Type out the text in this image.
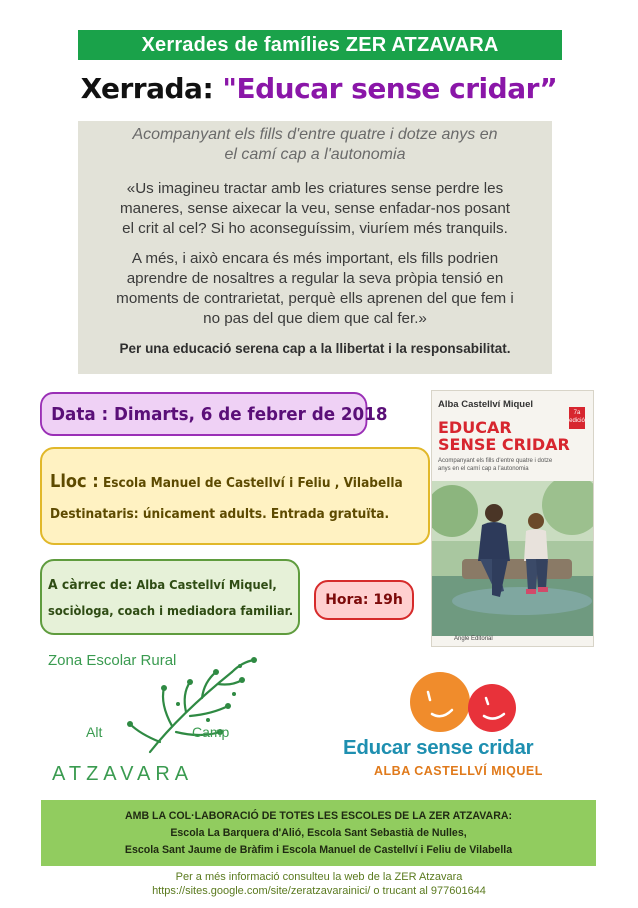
Xerrades de famílies ZER ATZAVARA
Xerrada: "Educar sense cridar”
Acompanyant els fills d'entre quatre i dotze anys en
el camí cap a l'autonomia
«Us imagineu tractar amb les criatures sense perdre les
maneres, sense aixecar la veu, sense enfadar-nos posant
el crit al cel? Si ho aconseguíssim, viuríem més tranquils.
A més, i això encara és més important, els fills podrien
aprendre de nosaltres a regular la seva pròpia tensió en
moments de contrarietat, perquè ells aprenen del que fem i
no pas del que diem que cal fer.»
Per una educació serena cap a la llibertat i la responsabilitat.
Data : Dimarts, 6 de febrer de 2018
Lloc : Escola Manuel de Castellví i Feliu , Vilabella
Destinataris: únicament adults. Entrada gratuïta.
A càrrec de: Alba Castellví Miquel,
sociòloga, coach i mediadora familiar.
Hora: 19h
Alba Castellví Miquel
7a edició
EDUCAR
SENSE CRIDAR
Acompanyant els fills d'entre quatre i dotze anys en el camí cap a l'autonomia
Angle Editorial
Zona Escolar Rural
Alt	Camp
ATZAVARA
Educar sense cridar
ALBA CASTELLVÍ MIQUEL
AMB LA COL·LABORACIÓ DE TOTES LES ESCOLES DE LA ZER ATZAVARA:
Escola La Barquera d'Alió, Escola Sant Sebastià de Nulles,
Escola Sant Jaume de Bràfim i Escola Manuel de Castellví i Feliu de Vilabella
Per a més informació consulteu la web de la ZER Atzavara
https://sites.google.com/site/zeratzavarainici/ o trucant al 977601644
